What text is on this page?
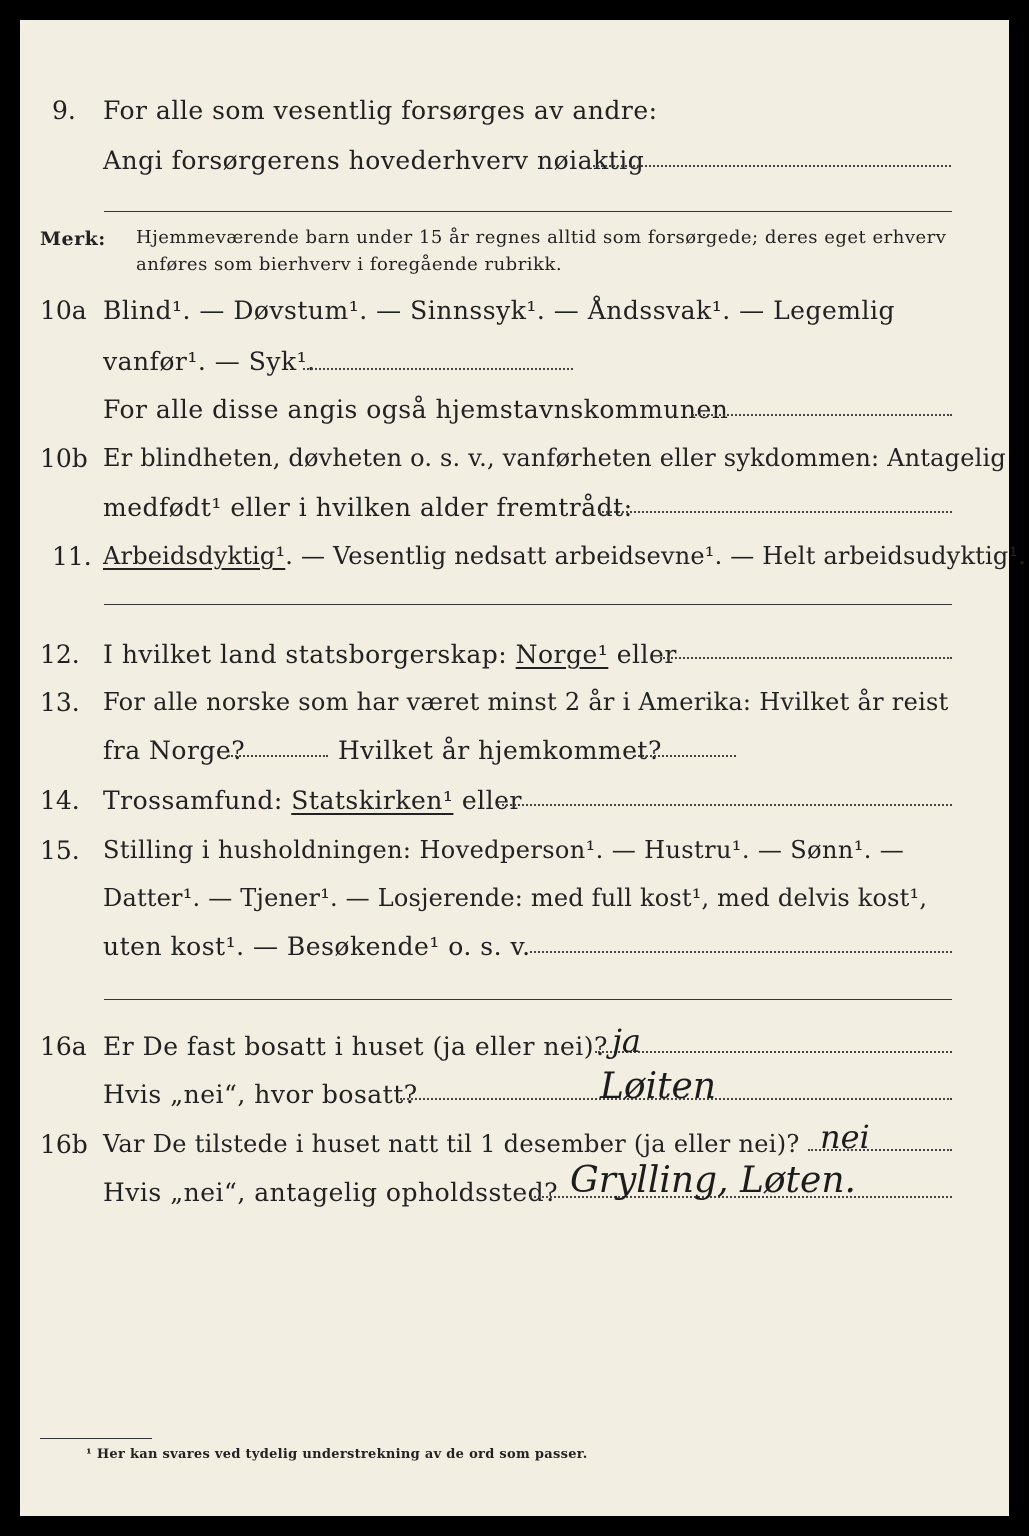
9. For alle som vesentlig forsørges av andre:
Angi forsørgerens hovederhverv nøiaktig
Merk: Hjemmeværende barn under 15 år regnes alltid som forsørgede; deres eget erhverv
anføres som bierhverv i foregående rubrikk.
10a Blind¹. — Døvstum¹. — Sinnssyk¹. — Åndssvak¹. — Legemlig
vanfør¹. — Syk¹.
For alle disse angis også hjemstavnskommunen
10b Er blindheten, døvheten o. s. v., vanførheten eller sykdommen: Antagelig
medfødt¹ eller i hvilken alder fremtrådt:
11. Arbeidsdyktig¹. — Vesentlig nedsatt arbeidsevne¹. — Helt arbeidsudyktig¹.
12. I hvilket land statsborgerskap: Norge¹ eller
13. For alle norske som har været minst 2 år i Amerika: Hvilket år reist
fra Norge?	Hvilket år hjemkommet?
14. Trossamfund: Statskirken¹ eller
15. Stilling i husholdningen: Hovedperson¹. — Hustru¹. — Sønn¹. —
Datter¹. — Tjener¹. — Losjerende: med full kost¹, med delvis kost¹,
uten kost¹. — Besøkende¹ o. s. v.
16a Er De fast bosatt i huset (ja eller nei)? ja
Hvis „nei“, hvor bosatt?	Løiten
16b Var De tilstede i huset natt til 1 desember (ja eller nei)? nei
Hvis „nei“, antagelig opholdssted? Grylling, Løten.
¹ Her kan svares ved tydelig understrekning av de ord som passer.
